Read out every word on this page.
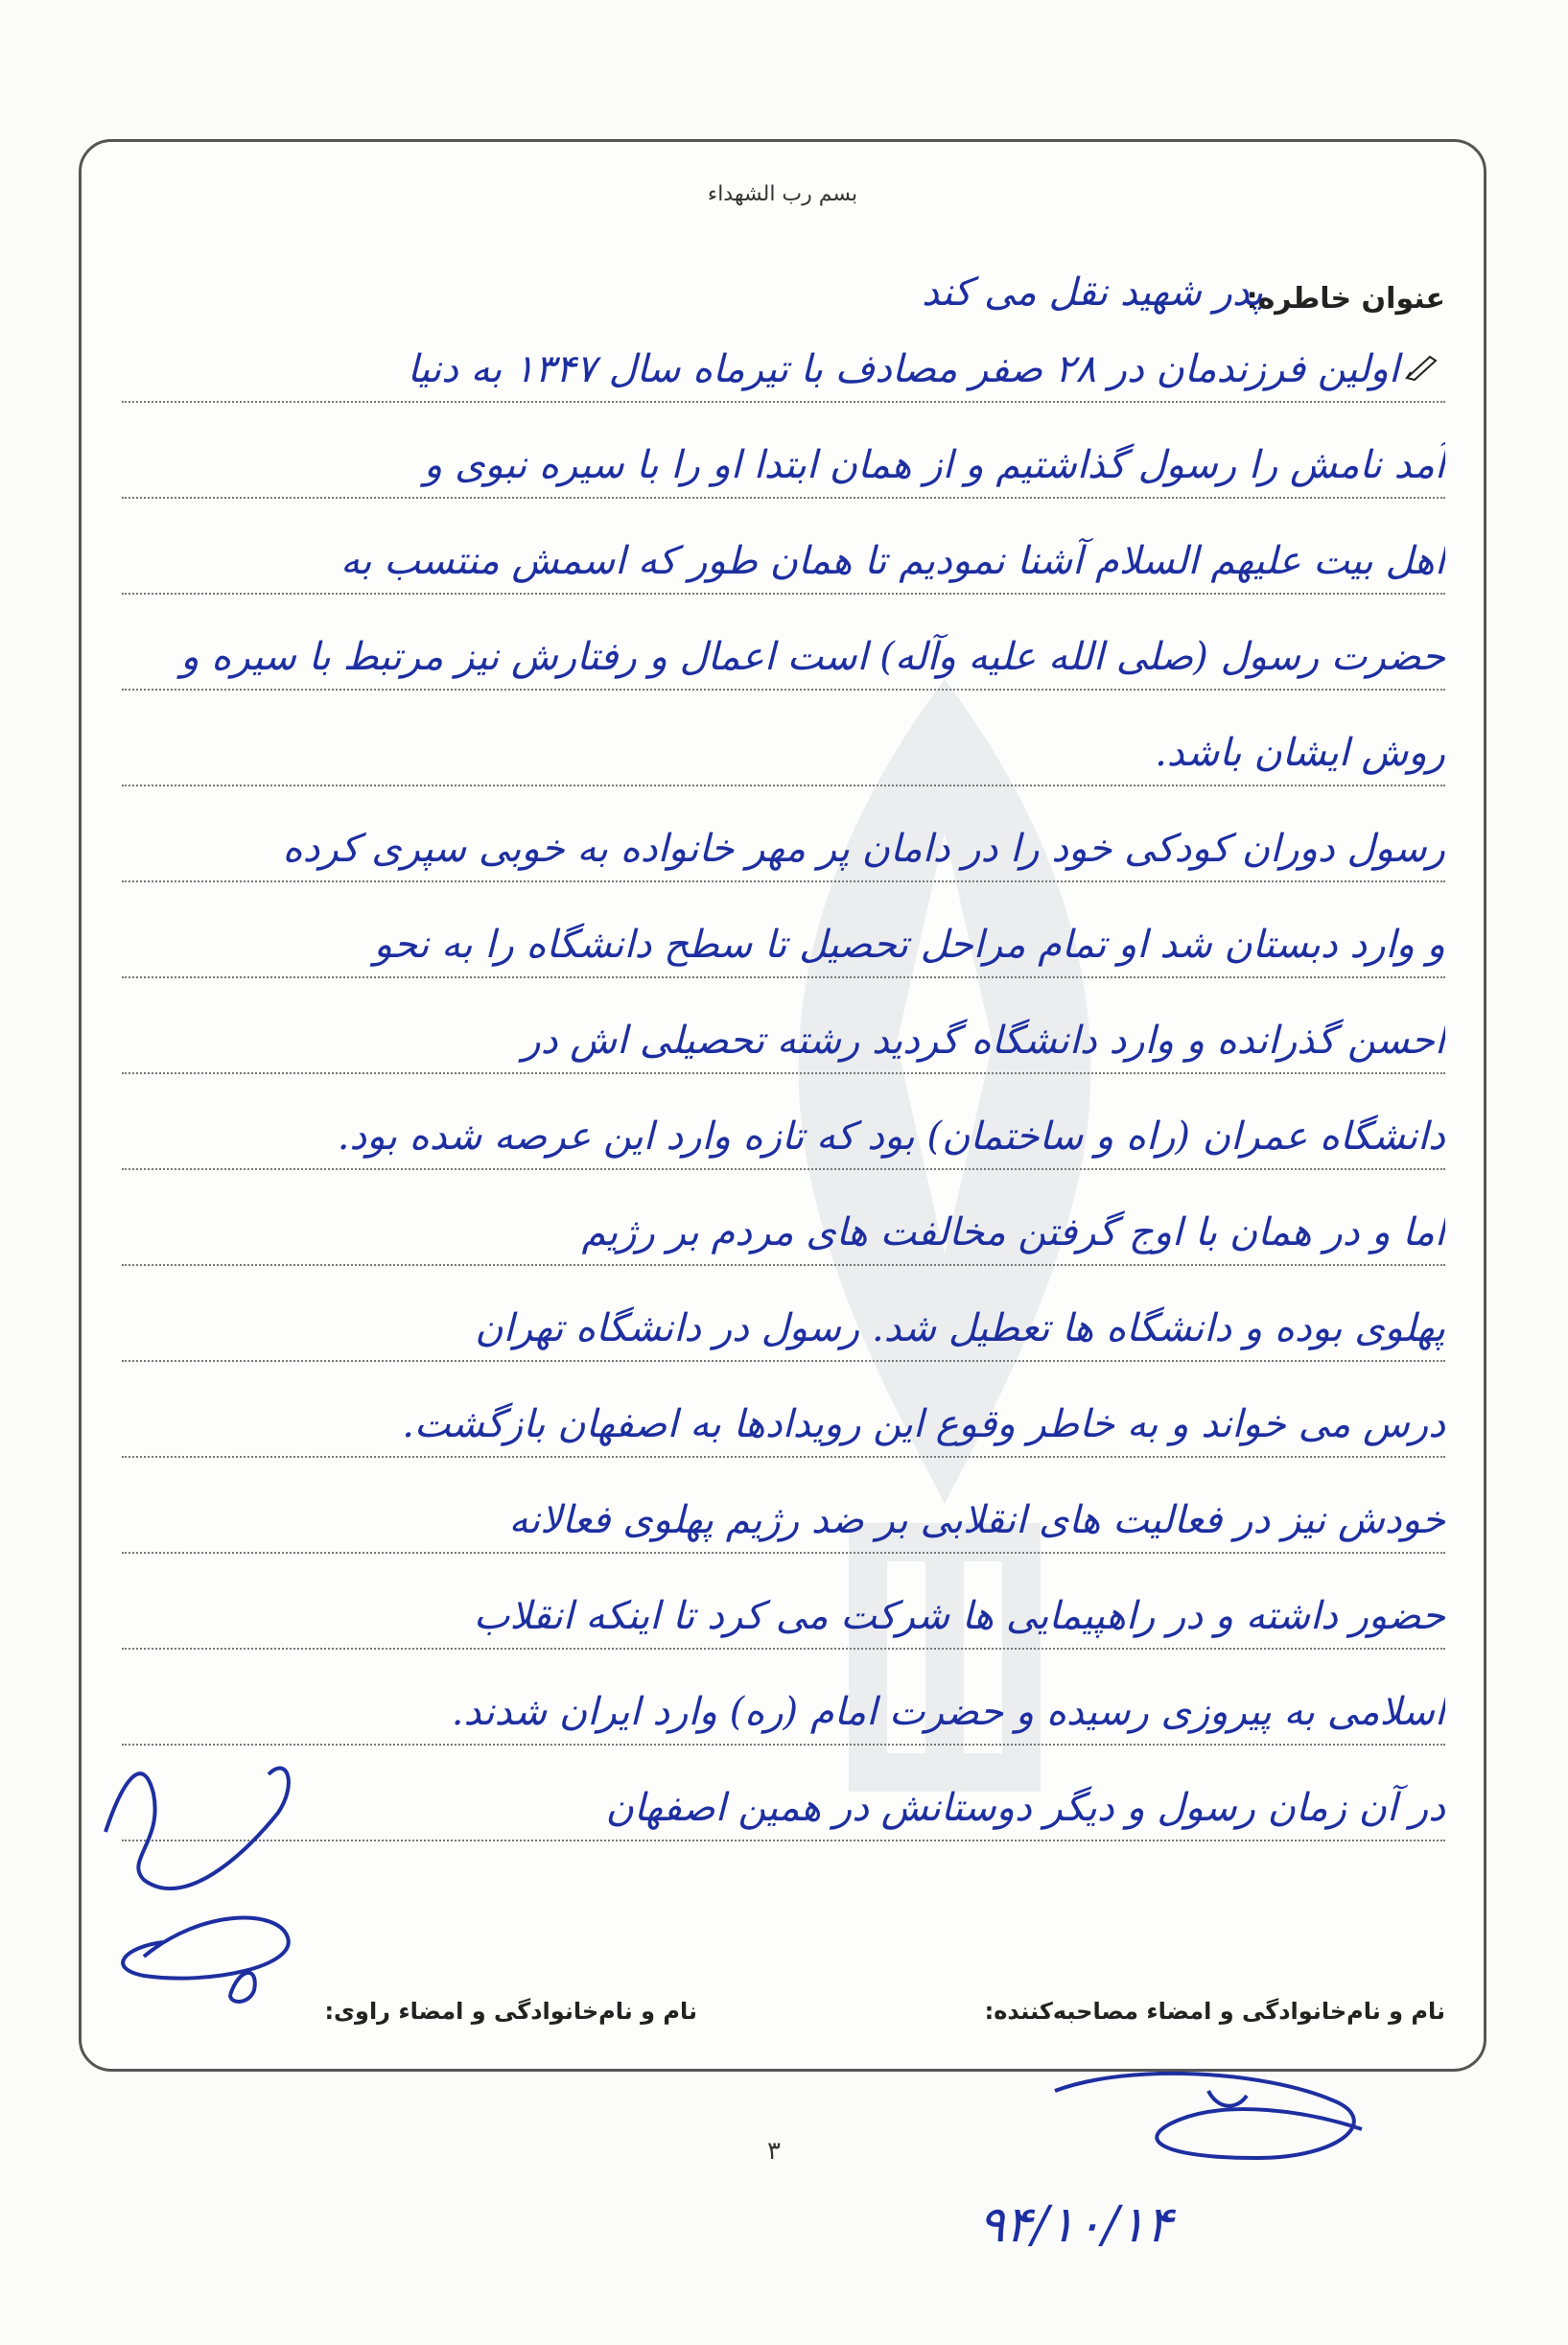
بسم رب الشهداء
عنوان خاطره:
پدر شهید نقل می کند
اولین فرزندمان در ۲۸ صفر مصادف با تیرماه سال ۱۳۴۷ به دنیا
آمد نامش را رسول گذاشتیم و از همان ابتدا او را با سیره نبوی و
اهل بیت علیهم السلام آشنا نمودیم تا همان طور که اسمش منتسب به
حضرت رسول (صلی الله علیه وآله) است اعمال و رفتارش نیز مرتبط با سیره و
روش ایشان باشد.
رسول دوران کودکی خود را در دامان پر مهر خانواده به خوبی سپری کرده
و وارد دبستان شد او تمام مراحل تحصیل تا سطح دانشگاه را به نحو
احسن گذرانده و وارد دانشگاه گردید رشته تحصیلی اش در
دانشگاه عمران (راه و ساختمان) بود که تازه وارد این عرصه شده بود.
اما و در همان با اوج گرفتن مخالفت های مردم بر رژیم
پهلوی بوده و دانشگاه ها تعطیل شد. رسول در دانشگاه تهران
درس می خواند و به خاطر وقوع این رویدادها به اصفهان بازگشت.
خودش نیز در فعالیت های انقلابی بر ضد رژیم پهلوی فعالانه
حضور داشته و در راهپیمایی ها شرکت می کرد تا اینکه انقلاب
اسلامی به پیروزی رسیده و حضرت امام (ره) وارد ایران شدند.
در آن زمان رسول و دیگر دوستانش در همین اصفهان
نام و نام‌خانوادگی و امضاء مصاحبه‌کننده:
نام و نام‌خانوادگی و امضاء راوی:
۳
۹۴/۱۰/۱۴
